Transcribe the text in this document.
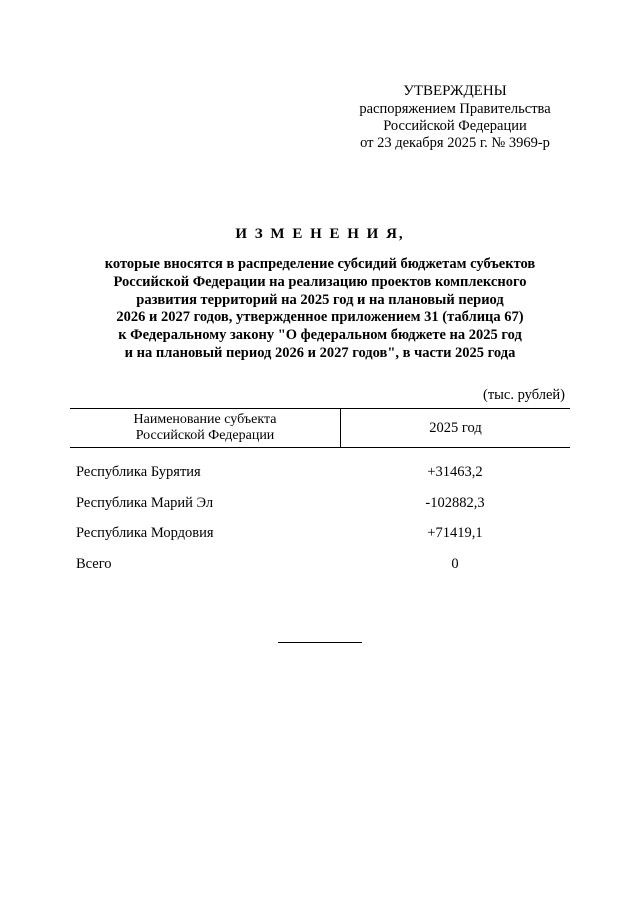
УТВЕРЖДЕНЫ
распоряжением Правительства
Российской Федерации
от 23 декабря 2025 г. № 3969-р
И З М Е Н Е Н И Я,
которые вносятся в распределение субсидий бюджетам субъектов
Российской Федерации на реализацию проектов комплексного
развития территорий на 2025 год и на плановый период
2026 и 2027 годов, утвержденное приложением 31 (таблица 67)
к Федеральному закону "О федеральном бюджете на 2025 год
и на плановый период 2026 и 2027 годов", в части 2025 года
(тыс. рублей)
Наименование субъекта
Российской Федерации	2025 год
Республика Бурятия	+31463,2
Республика Марий Эл	-102882,3
Республика Мордовия	+71419,1
Всего	0
